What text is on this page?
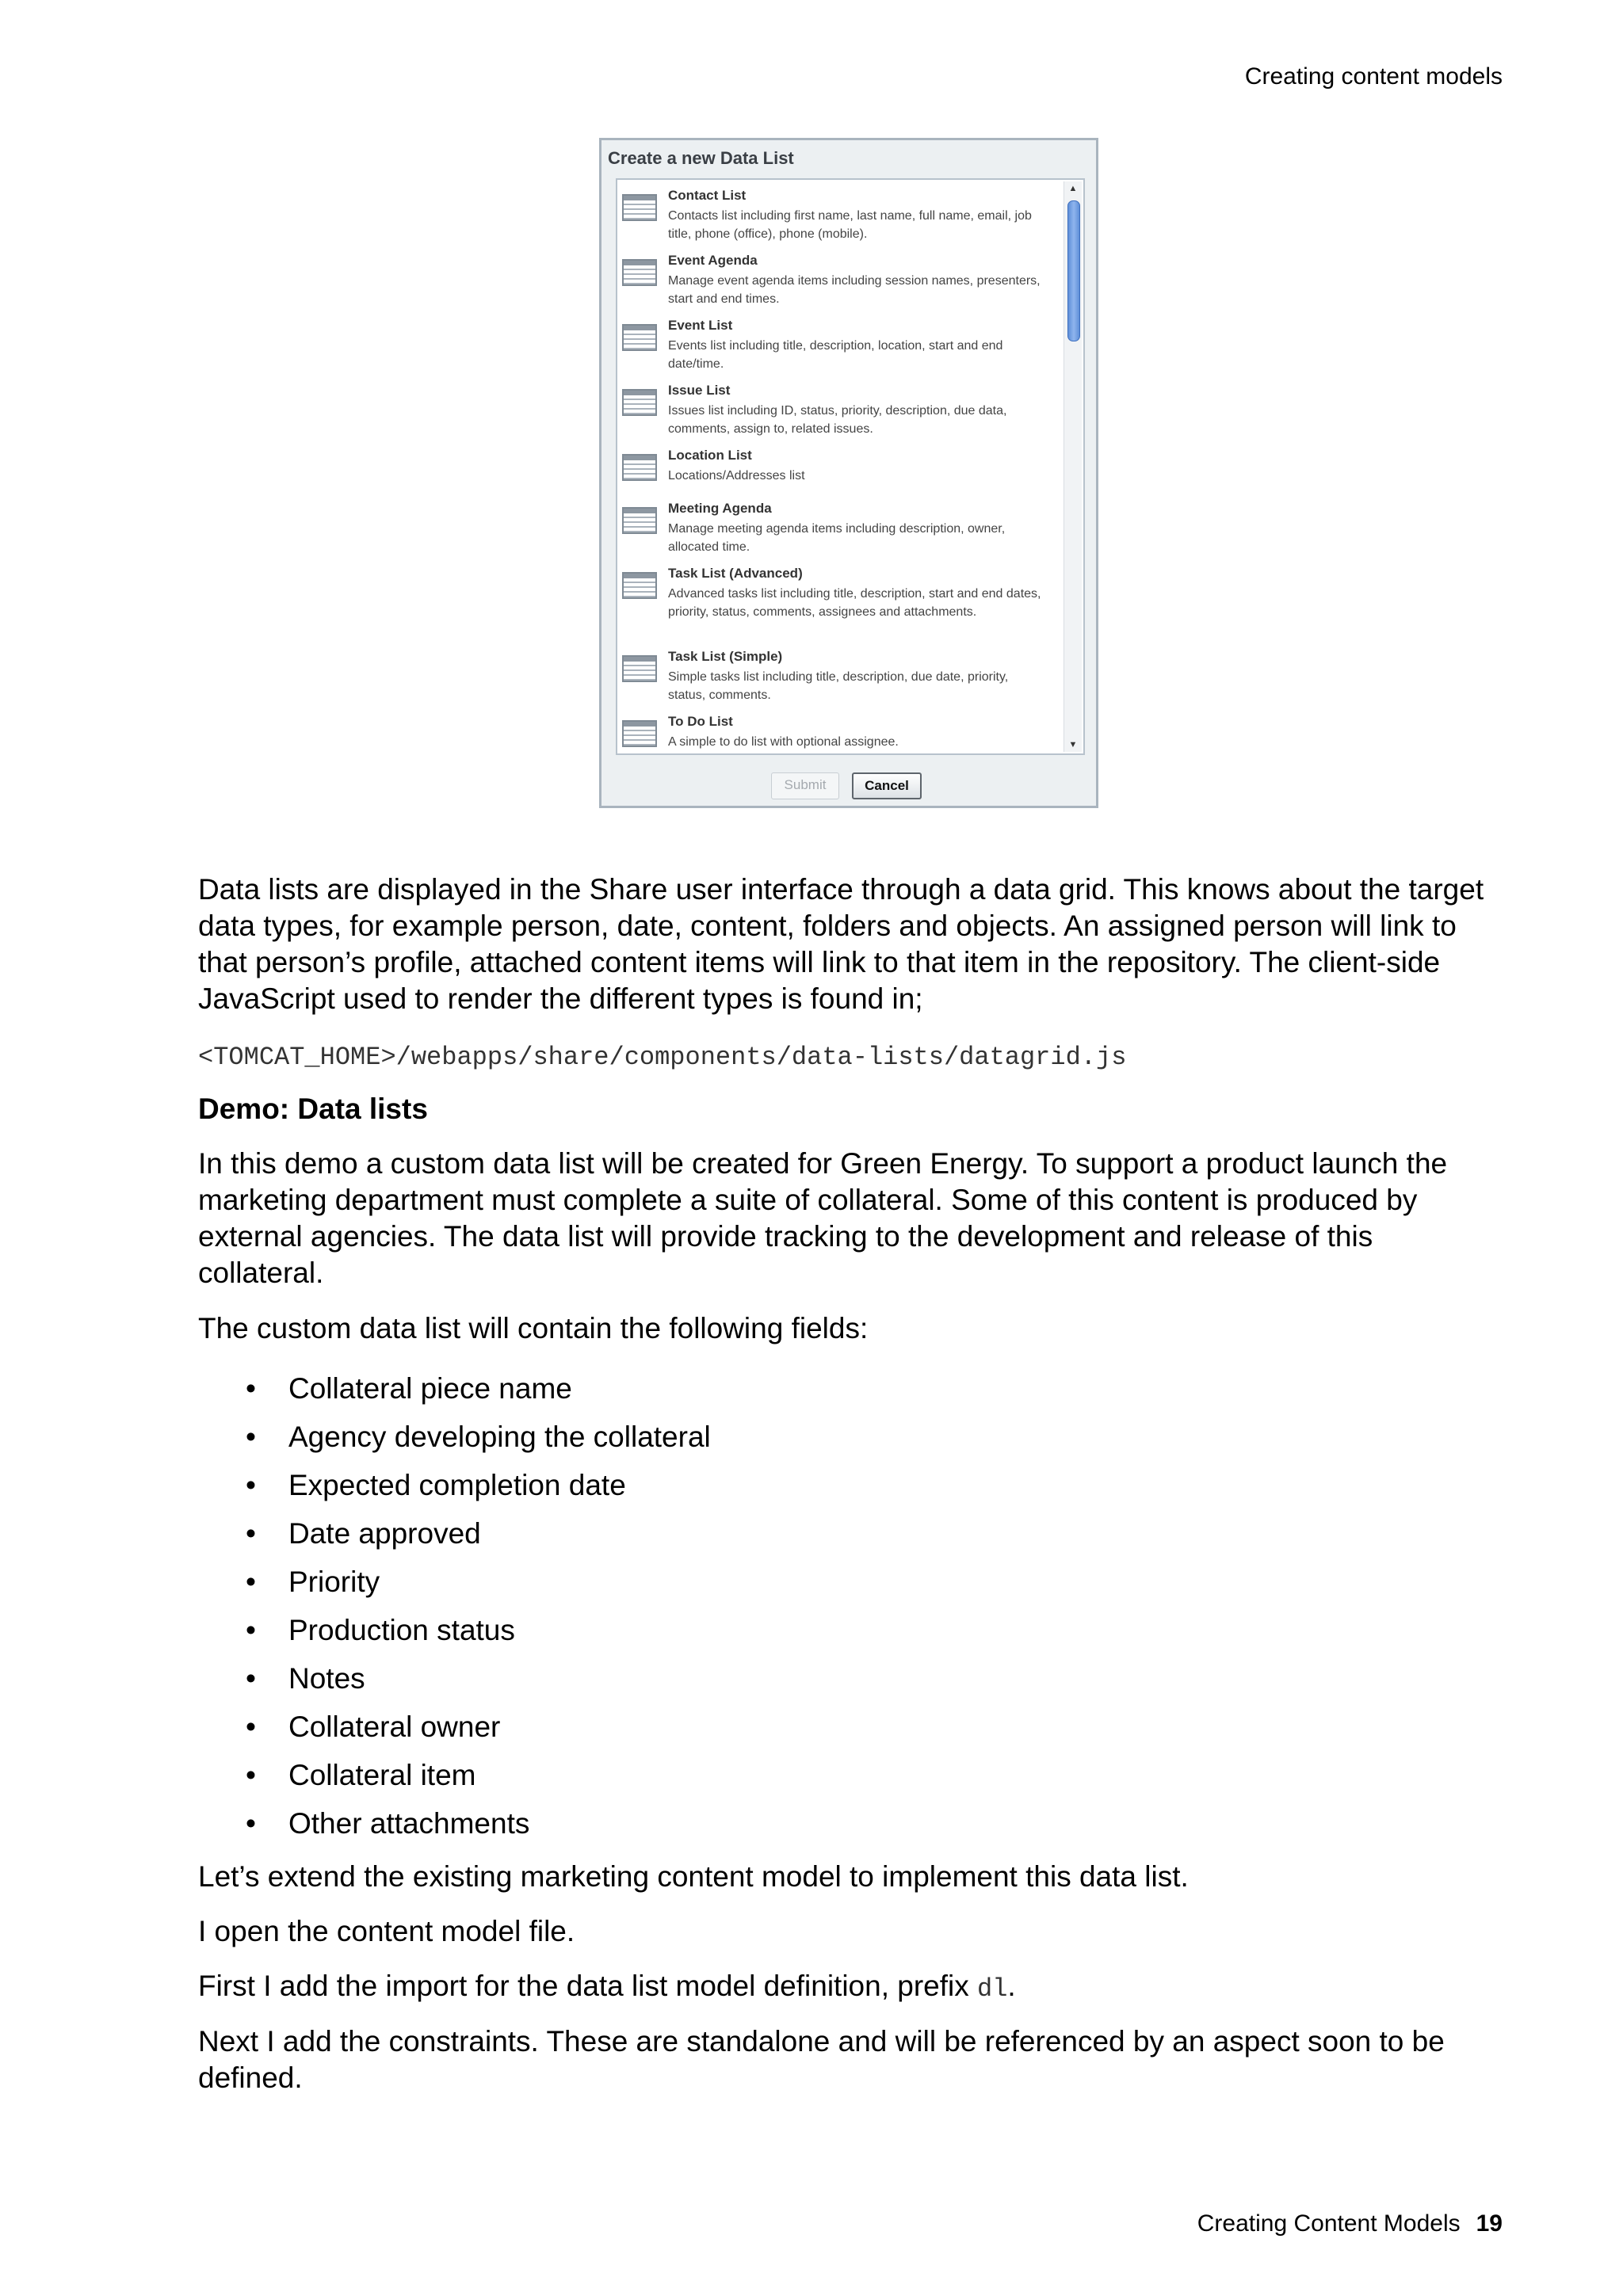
Creating content models
Create a new Data List
Contact List
Contacts list including first name, last name, full name, email, job title, phone (office), phone (mobile).
Event Agenda
Manage event agenda items including session names, presenters, start and end times.
Event List
Events list including title, description, location, start and end date/time.
Issue List
Issues list including ID, status, priority, description, due data, comments, assign to, related issues.
Location List
Locations/Addresses list
Meeting Agenda
Manage meeting agenda items including description, owner, allocated time.
Task List (Advanced)
Advanced tasks list including title, description, start and end dates, priority, status, comments, assignees and attachments.
Task List (Simple)
Simple tasks list including title, description, due date, priority, status, comments.
To Do List
A simple to do list with optional assignee.
▲
▼
Submit	Cancel

Data lists are displayed in the Share user interface through a data grid. This knows about the target data types, for example person, date, content, folders and objects. An assigned person will link to that person’s profile, attached content items will link to that item in the repository. The client-side JavaScript used to render the different types is found in;

<TOMCAT_HOME>/webapps/share/components/data-lists/datagrid.js

Demo: Data lists

In this demo a custom data list will be created for Green Energy. To support a product launch the marketing department must complete a suite of collateral. Some of this content is produced by external agencies. The data list will provide tracking to the development and release of this collateral.

The custom data list will contain the following fields:

• Collateral piece name
• Agency developing the collateral
• Expected completion date
• Date approved
• Priority
• Production status
• Notes
• Collateral owner
• Collateral item
• Other attachments

Let’s extend the existing marketing content model to implement this data list.

I open the content model file.

First I add the import for the data list model definition, prefix dl.

Next I add the constraints. These are standalone and will be referenced by an aspect soon to be defined.

Creating Content Models 19
